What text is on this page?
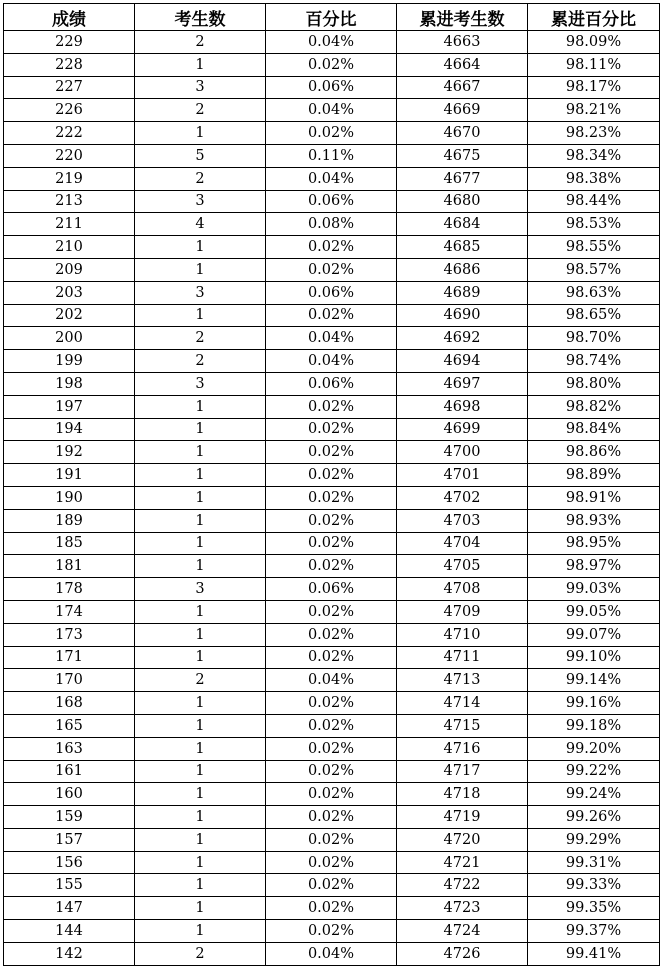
成绩	考生数	百分比	累进考生数	累进百分比
229	2	0.04%	4663	98.09%
228	1	0.02%	4664	98.11%
227	3	0.06%	4667	98.17%
226	2	0.04%	4669	98.21%
222	1	0.02%	4670	98.23%
220	5	0.11%	4675	98.34%
219	2	0.04%	4677	98.38%
213	3	0.06%	4680	98.44%
211	4	0.08%	4684	98.53%
210	1	0.02%	4685	98.55%
209	1	0.02%	4686	98.57%
203	3	0.06%	4689	98.63%
202	1	0.02%	4690	98.65%
200	2	0.04%	4692	98.70%
199	2	0.04%	4694	98.74%
198	3	0.06%	4697	98.80%
197	1	0.02%	4698	98.82%
194	1	0.02%	4699	98.84%
192	1	0.02%	4700	98.86%
191	1	0.02%	4701	98.89%
190	1	0.02%	4702	98.91%
189	1	0.02%	4703	98.93%
185	1	0.02%	4704	98.95%
181	1	0.02%	4705	98.97%
178	3	0.06%	4708	99.03%
174	1	0.02%	4709	99.05%
173	1	0.02%	4710	99.07%
171	1	0.02%	4711	99.10%
170	2	0.04%	4713	99.14%
168	1	0.02%	4714	99.16%
165	1	0.02%	4715	99.18%
163	1	0.02%	4716	99.20%
161	1	0.02%	4717	99.22%
160	1	0.02%	4718	99.24%
159	1	0.02%	4719	99.26%
157	1	0.02%	4720	99.29%
156	1	0.02%	4721	99.31%
155	1	0.02%	4722	99.33%
147	1	0.02%	4723	99.35%
144	1	0.02%	4724	99.37%
142	2	0.04%	4726	99.41%
